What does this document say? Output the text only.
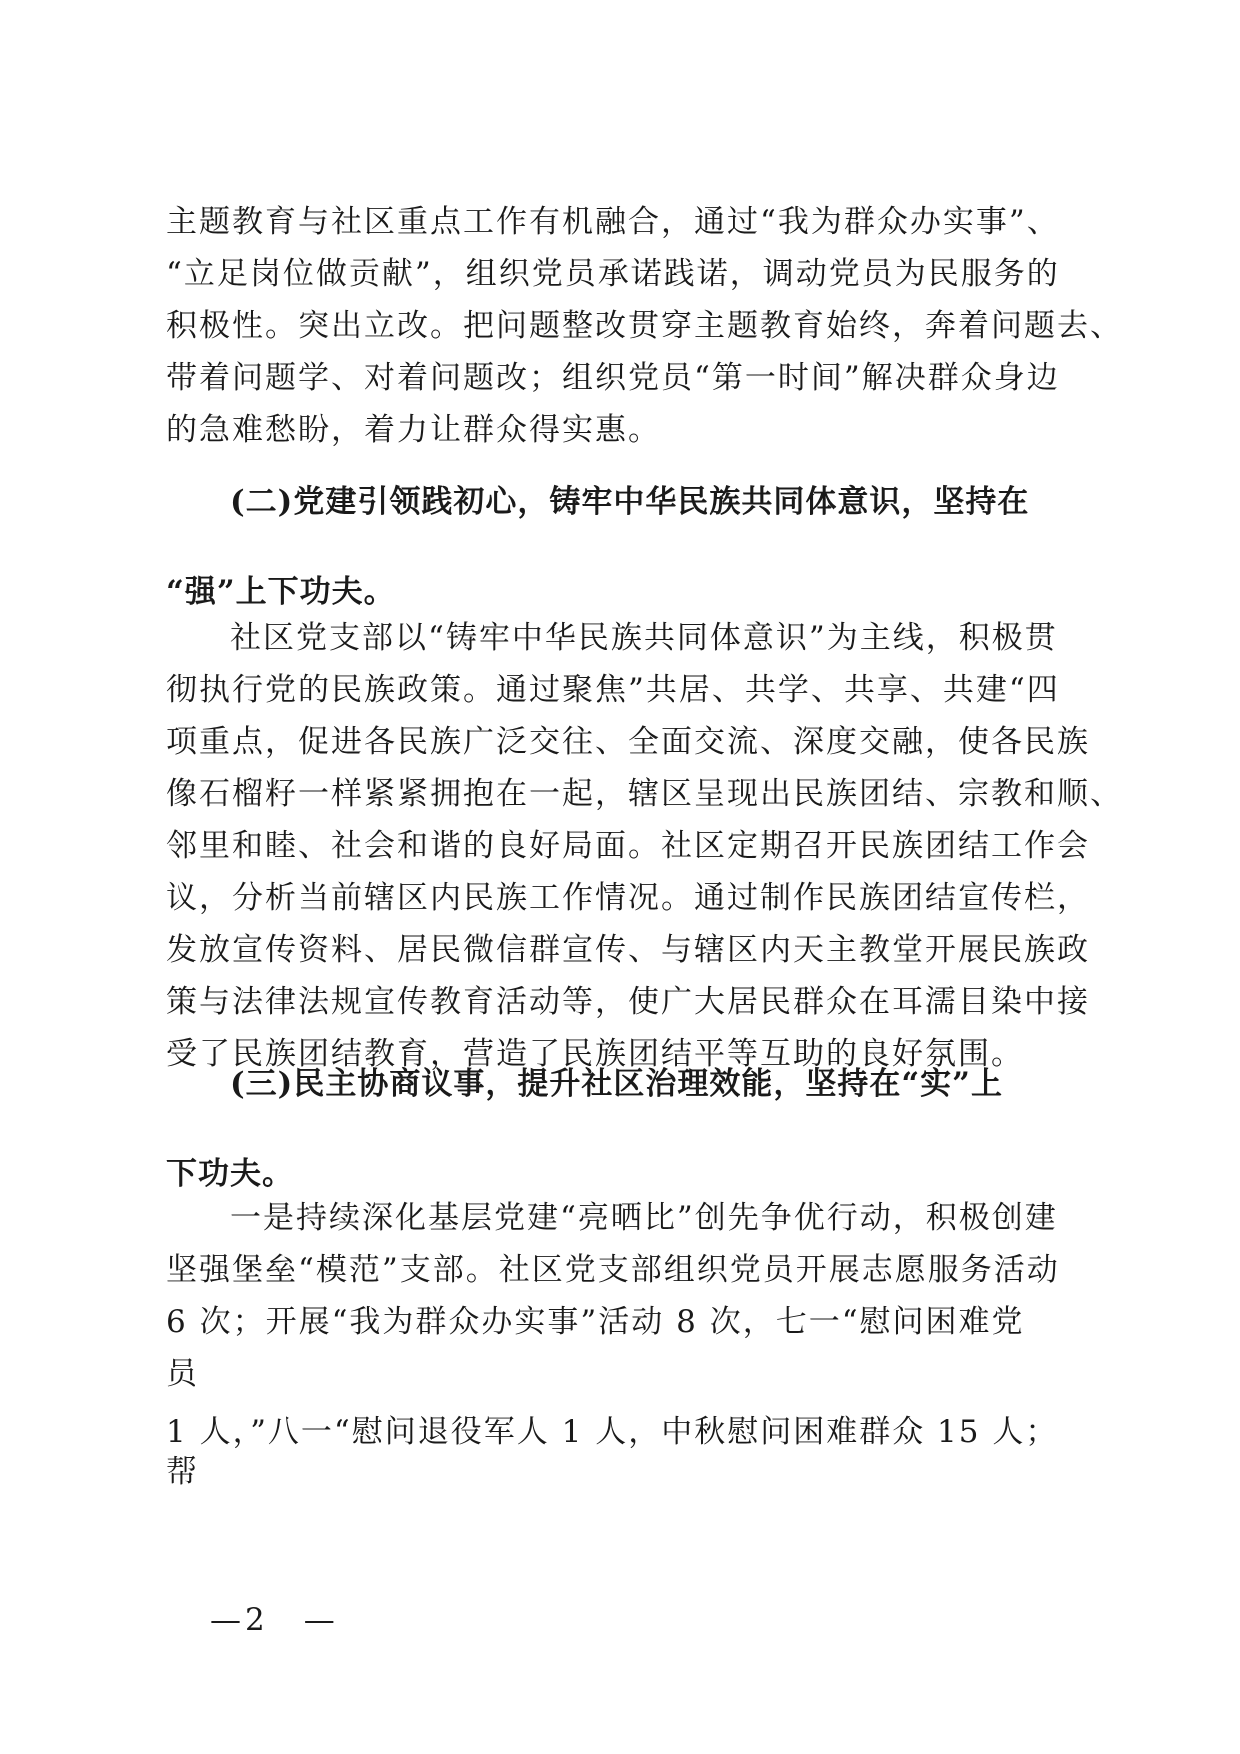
主题教育与社区重点工作有机融合，通过“我为群众办实事”、
“立足岗位做贡献”，组织党员承诺践诺，调动党员为民服务的
积极性。突出立改。把问题整改贯穿主题教育始终，奔着问题去、
带着问题学、对着问题改；组织党员“第一时间”解决群众身边
的急难愁盼，着力让群众得实惠。

(二)党建引领践初心，铸牢中华民族共同体意识，坚持在

“强”上下功夫。

社区党支部以“铸牢中华民族共同体意识”为主线，积极贯
彻执行党的民族政策。通过聚焦”共居、共学、共享、共建“四
项重点，促进各民族广泛交往、全面交流、深度交融，使各民族
像石榴籽一样紧紧拥抱在一起，辖区呈现出民族团结、宗教和顺、
邻里和睦、社会和谐的良好局面。社区定期召开民族团结工作会
议，分析当前辖区内民族工作情况。通过制作民族团结宣传栏，
发放宣传资料、居民微信群宣传、与辖区内天主教堂开展民族政
策与法律法规宣传教育活动等，使广大居民群众在耳濡目染中接
受了民族团结教育，营造了民族团结平等互助的良好氛围。

(三)民主协商议事，提升社区治理效能，坚持在“实”上

下功夫。

一是持续深化基层党建“亮晒比”创先争优行动，积极创建
坚强堡垒“模范”支部。社区党支部组织党员开展志愿服务活动
6 次；开展“我为群众办实事”活动 8 次，七一“慰问困难党
员

1 人，”八一“慰问退役军人 1 人，中秋慰问困难群众 15 人；
帮

—2　—
